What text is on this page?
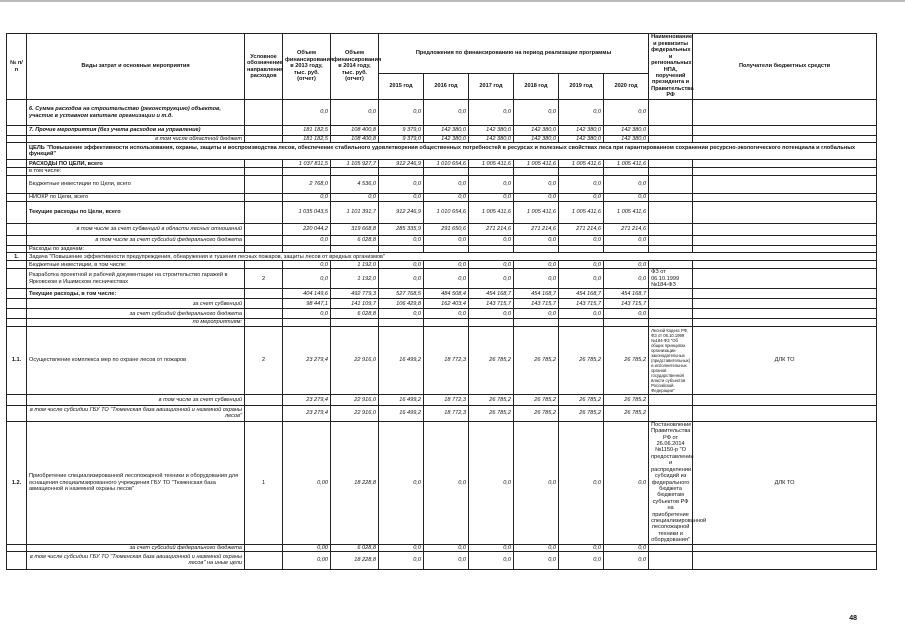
№ п/п	Виды затрат и основные мероприятия	Условное обозначение направления расходов	Объем финансирования в 2013 году, тыс. руб. (отчет)	Объем финансирования в 2014 году, тыс. руб. (отчет)	Предложения по финансированию на период реализации программы						Наименование и реквизиты федеральных и региональных НПА, поручений президента и Правительства РФ	Получатели бюджетных средств
					2015 год	2016 год	2017 год	2018 год	2019 год	2020 год		
	6. Сумма расходов на строительство (реконструкцию) объектов, участие в уставном капитале организации и т.д.		0,0	0,0	0,0	0,0	0,0	0,0	0,0	0,0		
	7. Прочие мероприятия (без учета расходов на управление)		181 182,5	108 400,8	9 379,0	142 380,0	142 380,0	142 380,0	142 380,0	142 380,0		
	в том числе областной бюджет		181 182,5	108 400,8	9 379,0	142 380,0	142 380,0	142 380,0	142 380,0	142 380,0		
	ЦЕЛЬ "Повышение эффективности использования, охраны, защиты и воспроизводства лесов, обеспечение стабильного удовлетворения общественных потребностей в ресурсах и полезных свойствах леса при гарантированном сохранении ресурсно-экологического потенциала и глобальных функций"											
	РАСХОДЫ ПО ЦЕЛИ, всего		1 037 811,5	1 105 927,7	912 246,9	1 010 654,6	1 005 411,6	1 005 411,6	1 005 411,6	1 005 411,6		
	в том числе:											
	Бюджетные инвестиции по Цели, всего		2 768,0	4 536,0	0,0	0,0	0,0	0,0	0,0	0,0		
	НИОКР по Цели, всего		0,0	0,0	0,0	0,0	0,0	0,0	0,0	0,0		
	Текущие расходы по Цели, всего		1 035 043,5	1 101 391,7	912 246,9	1 010 654,6	1 005 411,6	1 005 411,6	1 005 411,6	1 005 411,6		
	в том числе за счет субвенций в области лесных отношений		220 044,2	319 668,8	285 335,9	291 650,6	271 214,6	271 214,6	271 214,6	271 214,6		
	в том числе за счет субсидий федерального бюджета		0,0	6 028,8	0,0	0,0	0,0	0,0	0,0	0,0		
	Расходы по задачам:											
1.	Задача "Повышение эффективности предупреждения, обнаружения и тушения лесных пожаров, защиты лесов от вредных организмов"											
	Бюджетные инвестиции, в том числе:		0,0	1 192,0	0,0	0,0	0,0	0,0	0,0	0,0		
	Разработка проектной и рабочей документации на строительство гаражей в Ярковском и Ишимском лесничествах	2	0,0	1 192,0	0,0	0,0	0,0	0,0	0,0	0,0	ФЗ от 06.10.1999 №184-ФЗ	
	Текущие расходы, в том числе:		404 149,6	492 779,3	527 768,5	484 508,4	454 168,7	454 168,7	454 168,7	454 168,7		
	за счет субвенций		98 447,1	141 109,7	106 429,8	162 403,4	143 715,7	143 715,7	143 715,7	143 715,7		
	за счет субсидий федерального бюджета		0,0	6 028,8	0,0	0,0	0,0	0,0	0,0	0,0		
	по мероприятиям:											
1.1.	Осуществление комплекса мер по охране лесов от пожаров	2	23 279,4	22 916,0	16 499,2	18 772,3	26 785,2	26 785,2	26 785,2	26 785,2	Лесной Кодекс РФ, ФЗ от 06.10.1999 №184-ФЗ "Об общих принципах организации законодательных (представительных) и исполнительных органов государственной власти субъектов Российской Федерации"	ДЛК ТО
	в том числе за счет субвенций		23 279,4	22 916,0	16 499,2	18 772,3	26 785,2	26 785,2	26 785,2	26 785,2		
	в том числе субсидии ГБУ ТО "Тюменская база авиационной и наземной охраны лесов"		23 279,4	22 916,0	16 499,2	18 772,3	26 785,2	26 785,2	26 785,2	26 785,2		
1.2.	Приобретение специализированной лесопожарной техники и оборудования для оснащения специализированного учреждения ГБУ ТО "Тюменская база авиационной и наземной охраны лесов"	1	0,00	18 228,8	0,0	0,0	0,0	0,0	0,0	0,0	Постановление Правительства РФ от 26.06.2014 №1150-р "О предоставлении и распределении субсидий из федерального бюджета бюджетам субъектов РФ на приобретение специализированной лесопожарной техники и оборудования"	ДЛК ТО
	за счет субсидий федерального бюджета		0,00	6 028,8	0,0	0,0	0,0	0,0	0,0	0,0		
	в том числе субсидии ГБУ ТО "Тюменская база авиационной и наземной охраны лесов" на иные цели		0,00	18 228,8	0,0	0,0	0,0	0,0	0,0	0,0		
48
